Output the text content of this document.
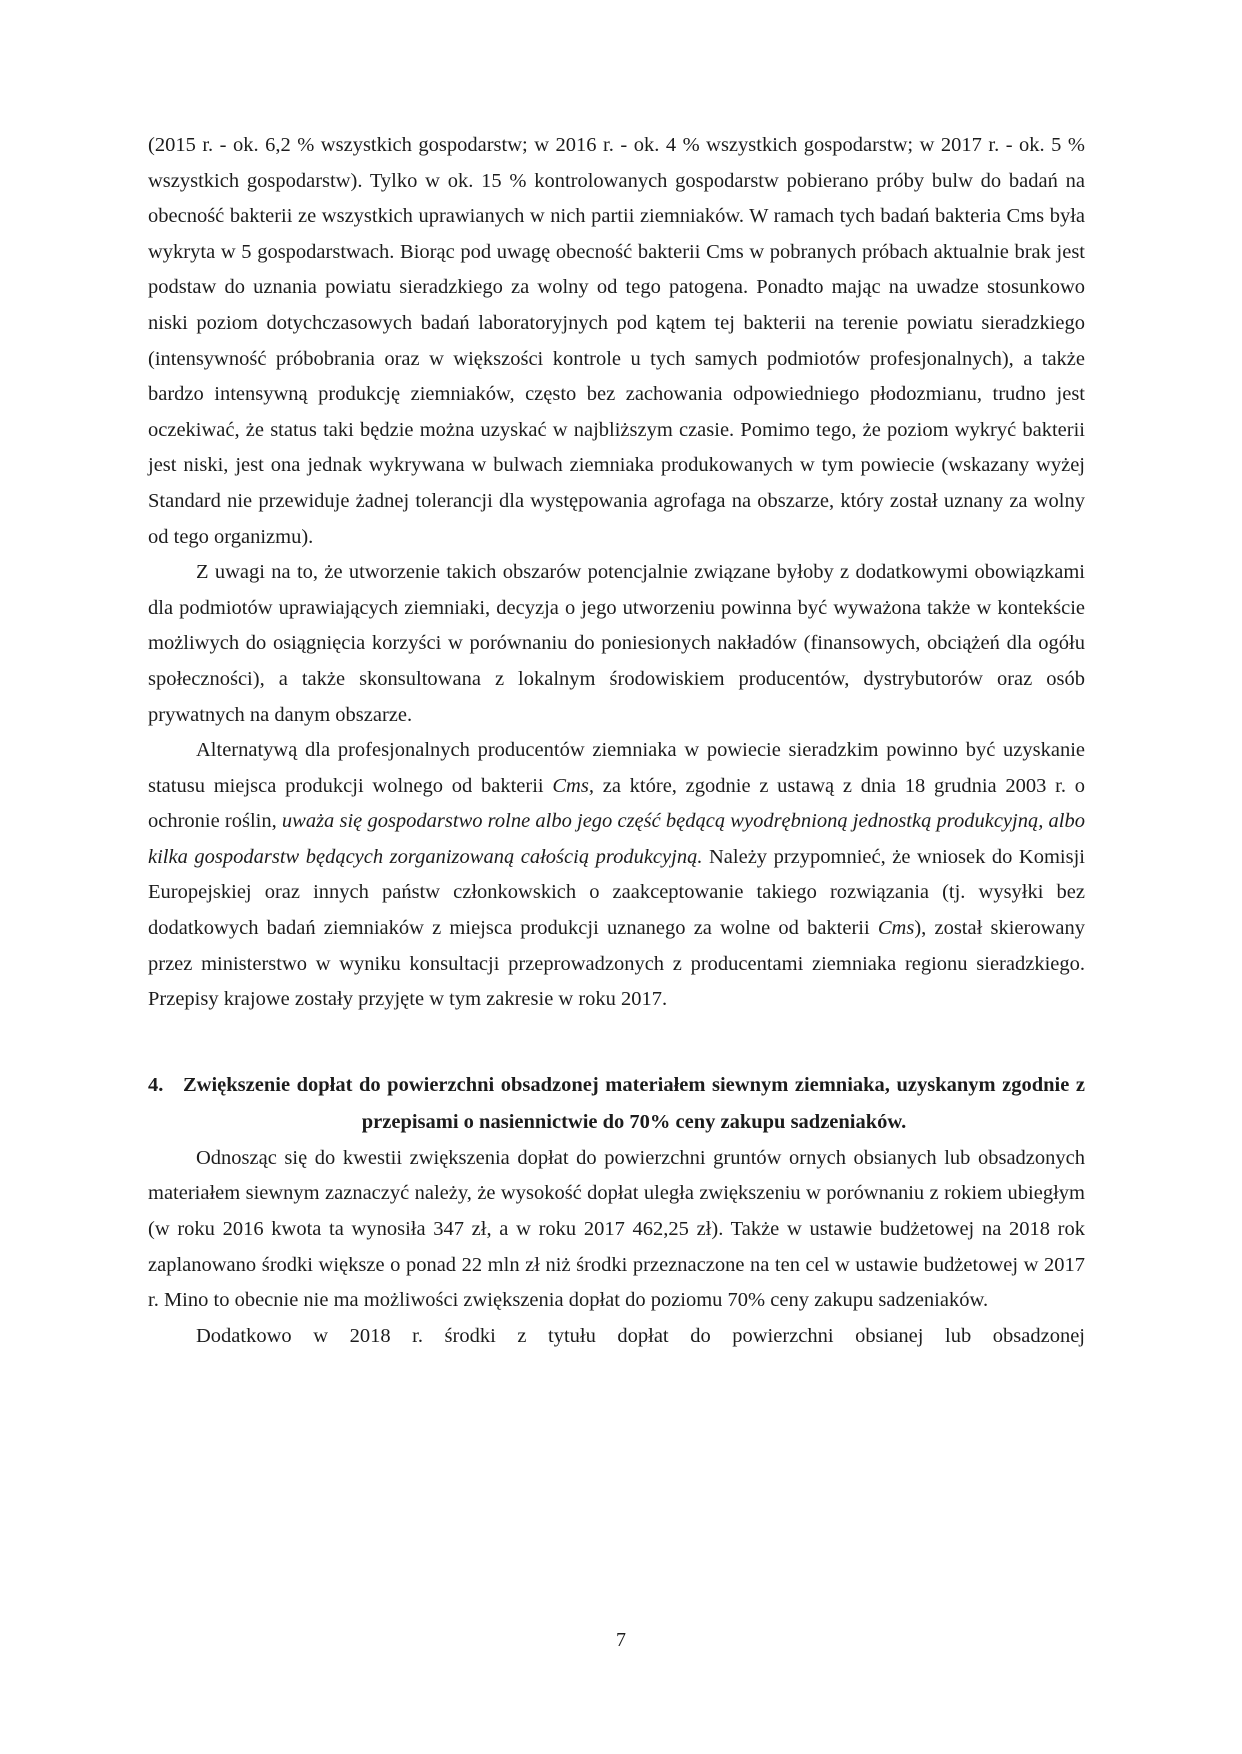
(2015 r. - ok. 6,2 % wszystkich gospodarstw; w 2016 r. - ok. 4 % wszystkich gospodarstw; w 2017 r. - ok. 5 % wszystkich gospodarstw). Tylko w ok. 15 % kontrolowanych gospodarstw pobierano próby bulw do badań na obecność bakterii ze wszystkich uprawianych w nich partii ziemniaków. W ramach tych badań bakteria Cms była wykryta w 5 gospodarstwach. Biorąc pod uwagę obecność bakterii Cms w pobranych próbach aktualnie brak jest podstaw do uznania powiatu sieradzkiego za wolny od tego patogena. Ponadto mając na uwadze stosunkowo niski poziom dotychczasowych badań laboratoryjnych pod kątem tej bakterii na terenie powiatu sieradzkiego (intensywność próbobrania oraz w większości kontrole u tych samych podmiotów profesjonalnych), a także bardzo intensywną produkcję ziemniaków, często bez zachowania odpowiedniego płodozmianu, trudno jest oczekiwać, że status taki będzie można uzyskać w najbliższym czasie. Pomimo tego, że poziom wykryć bakterii jest niski, jest ona jednak wykrywana w bulwach ziemniaka produkowanych w tym powiecie (wskazany wyżej Standard nie przewiduje żadnej tolerancji dla występowania agrofaga na obszarze, który został uznany za wolny od tego organizmu).

Z uwagi na to, że utworzenie takich obszarów potencjalnie związane byłoby z dodatkowymi obowiązkami dla podmiotów uprawiających ziemniaki, decyzja o jego utworzeniu powinna być wyważona także w kontekście możliwych do osiągnięcia korzyści w porównaniu do poniesionych nakładów (finansowych, obciążeń dla ogółu społeczności), a także skonsultowana z lokalnym środowiskiem producentów, dystrybutorów oraz osób prywatnych na danym obszarze.

Alternatywą dla profesjonalnych producentów ziemniaka w powiecie sieradzkim powinno być uzyskanie statusu miejsca produkcji wolnego od bakterii Cms, za które, zgodnie z ustawą z dnia 18 grudnia 2003 r. o ochronie roślin, uważa się gospodarstwo rolne albo jego część będącą wyodrębnioną jednostką produkcyjną, albo kilka gospodarstw będących zorganizowaną całością produkcyjną. Należy przypomnieć, że wniosek do Komisji Europejskiej oraz innych państw członkowskich o zaakceptowanie takiego rozwiązania (tj. wysyłki bez dodatkowych badań ziemniaków z miejsca produkcji uznanego za wolne od bakterii Cms), został skierowany przez ministerstwo w wyniku konsultacji przeprowadzonych z producentami ziemniaka regionu sieradzkiego. Przepisy krajowe zostały przyjęte w tym zakresie w roku 2017.

4. Zwiększenie dopłat do powierzchni obsadzonej materiałem siewnym ziemniaka, uzyskanym zgodnie z przepisami o nasiennictwie do 70% ceny zakupu sadzeniaków.

Odnosząc się do kwestii zwiększenia dopłat do powierzchni gruntów ornych obsianych lub obsadzonych materiałem siewnym zaznaczyć należy, że wysokość dopłat uległa zwiększeniu w porównaniu z rokiem ubiegłym (w roku 2016 kwota ta wynosiła 347 zł, a w roku 2017 462,25 zł). Także w ustawie budżetowej na 2018 rok zaplanowano środki większe o ponad 22 mln zł niż środki przeznaczone na ten cel w ustawie budżetowej w 2017 r. Mino to obecnie nie ma możliwości zwiększenia dopłat do poziomu 70% ceny zakupu sadzeniaków.

Dodatkowo w 2018 r. środki z tytułu dopłat do powierzchni obsianej lub obsadzonej

7
